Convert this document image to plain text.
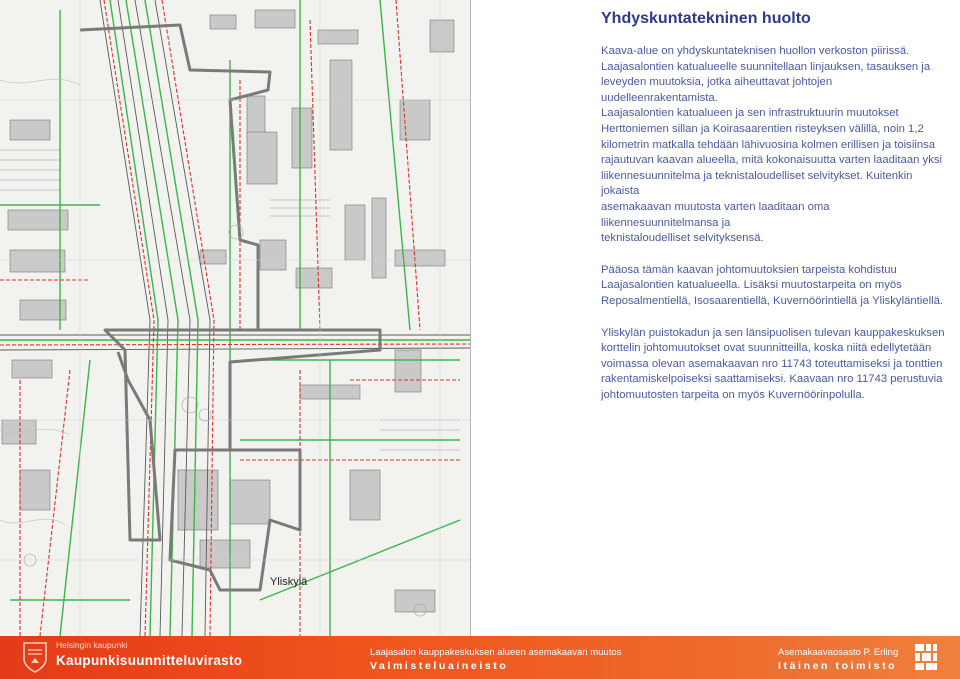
Yliskylä
Yhdyskuntatekninen huolto
Kaava-alue on yhdyskuntateknisen huollon verkoston piirissä.
Laajasalontien katualueelle suunnitellaan linjauksen, tasauksen ja
leveyden muutoksia, jotka aiheuttavat johtojen uudelleenrakentamista.
Laajasalontien katualueen ja sen infrastruktuurin muutokset
Herttoniemen sillan ja Koirasaarentien risteyksen välillä, noin 1,2
kilometrin matkalla tehdään lähivuosina kolmen erillisen ja toisiinsa
rajautuvan kaavan alueella, mitä kokonaisuutta varten laaditaan yksi
liikennesuunnitelma ja teknistaloudelliset selvitykset. Kuitenkin jokaista
asemakaavan muutosta varten laaditaan oma liikennesuunnitelmansa ja
teknistaloudelliset selvityksensä.
Pääosa tämän kaavan johtomuutoksien tarpeista kohdistuu
Laajasalontien katualueella. Lisäksi muutostarpeita on myös
Reposalmentiellä, Isosaarentiellä, Kuvernöörintiellä ja Yliskyläntiellä.
Yliskylän puistokadun ja sen länsipuolisen tulevan kauppakeskuksen
korttelin johtomuutokset ovat suunnitteilla, koska niitä edellytetään
voimassa olevan asemakaavan nro 11743 toteuttamiseksi ja tonttien
rakentamiskelpoiseksi saattamiseksi. Kaavaan nro 11743 perustuvia
johtomuutosten tarpeita on myös Kuvernöörinpolulla.
Helsingin kaupunki
Kaupunkisuunnitteluvirasto
Laajasalon kauppakeskuksen alueen asemakaavan muutos
Valmisteluaineisto
Asemakaavaosasto P. Erling
Itäinen toimisto
